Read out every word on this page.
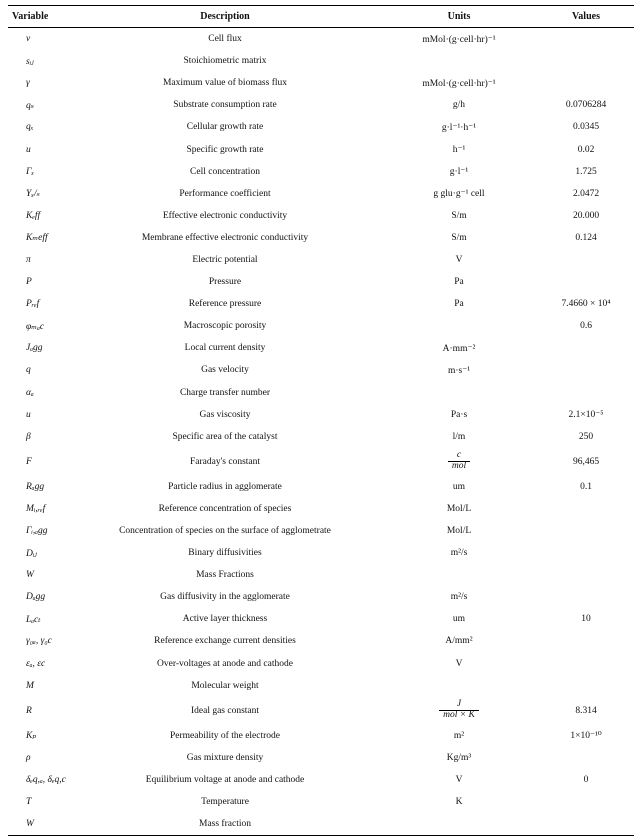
Variable	Description	Units	Values
v	Cell flux	mMol·(g·cell·hr)⁻¹	
sᵢⱼ	Stoichiometric matrix		
γ	Maximum value of biomass flux	mMol·(g·cell·hr)⁻¹	
qₛ	Substrate consumption rate	g/h	0.0706284
qₓ	Cellular growth rate	g·l⁻¹·h⁻¹	0.0345
u	Specific growth rate	h⁻¹	0.02
Γₓ	Cell concentration	g·l⁻¹	1.725
Yₓ/ₛ	Performance coefficient	g glu·g⁻¹ cell	2.0472
Kₑff	Effective electronic conductivity	S/m	20.000
Kₘeff	Membrane effective electronic conductivity	S/m	0.124
π	Electric potential	V	
P	Pressure	Pa	
Pᵣₑf	Reference pressure	Pa	7.4660 × 10⁴
φₘₐc	Macroscopic porosity		0.6
Jₐgg	Local current density	A·mm⁻²	
q	Gas velocity	m·s⁻¹	
αₐ	Charge transfer number		
u	Gas viscosity	Pa·s	2.1×10⁻⁵
β	Specific area of the catalyst	l/m	250
F	Faraday's constant	$\frac{c}{\text{mol}}$	96,465
Rₐgg	Particle radius in agglomerate	um	0.1
Mᵢ,ᵣₑf	Reference concentration of species	Mol/L	
Γᵢ,ₐgg	Concentration of species on the surface of agglometrate	Mol/L	
Dᵢⱼ	Binary diffusivities	m²/s	
W	Mass Fractions		
Dₐgg	Gas diffusivity in the agglomerate	m²/s	
Lₐcₜ	Active layer thickness	um	10
γ₀ₐ, γ₀c	Reference exchange current densities	A/mm²	
εₐ, εc	Over-voltages at anode and cathode	V	
M	Molecular weight		
R	Ideal gas constant	$\frac{J}{\text{mol × K}}$	8.314
Kₚ	Permeability of the electrode	m²	1×10⁻¹⁰
ρ	Gas mixture density	Kg/m³	
δₑq,ₐ, δₑq,c	Equilibrium voltage at anode and cathode	V	0
T	Temperature	K	
W	Mass fraction		
